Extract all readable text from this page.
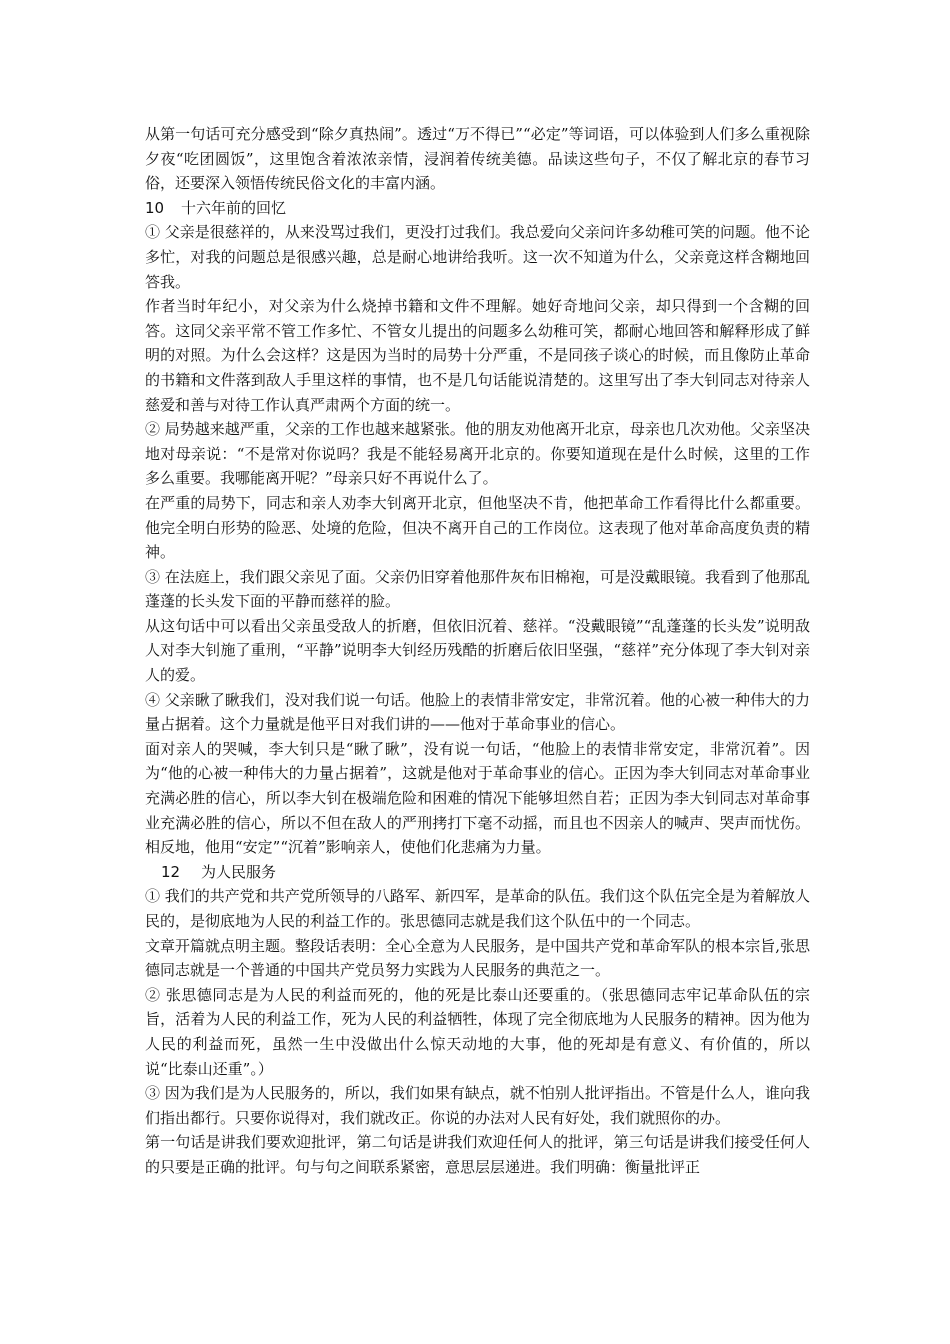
从第一句话可充分感受到“除夕真热闹”。透过“万不得已”“必定”等词语，可以体验到人们多么重视除夕夜“吃团圆饭”，这里饱含着浓浓亲情，浸润着传统美德。品读这些句子，不仅了解北京的春节习俗，还要深入领悟传统民俗文化的丰富内涵。

10 十六年前的回忆

① 父亲是很慈祥的，从来没骂过我们，更没打过我们。我总爱向父亲问许多幼稚可笑的问题。他不论多忙，对我的问题总是很感兴趣，总是耐心地讲给我听。这一次不知道为什么，父亲竟这样含糊地回答我。

作者当时年纪小，对父亲为什么烧掉书籍和文件不理解。她好奇地问父亲，却只得到一个含糊的回答。这同父亲平常不管工作多忙、不管女儿提出的问题多么幼稚可笑，都耐心地回答和解释形成了鲜明的对照。为什么会这样？这是因为当时的局势十分严重，不是同孩子谈心的时候，而且像防止革命的书籍和文件落到敌人手里这样的事情，也不是几句话能说清楚的。这里写出了李大钊同志对待亲人慈爱和善与对待工作认真严肃两个方面的统一。

② 局势越来越严重，父亲的工作也越来越紧张。他的朋友劝他离开北京，母亲也几次劝他。父亲坚决地对母亲说：“不是常对你说吗？我是不能轻易离开北京的。你要知道现在是什么时候，这里的工作多么重要。我哪能离开呢？”母亲只好不再说什么了。

在严重的局势下，同志和亲人劝李大钊离开北京，但他坚决不肯，他把革命工作看得比什么都重要。他完全明白形势的险恶、处境的危险，但决不离开自己的工作岗位。这表现了他对革命高度负责的精神。

③ 在法庭上，我们跟父亲见了面。父亲仍旧穿着他那件灰布旧棉袍，可是没戴眼镜。我看到了他那乱蓬蓬的长头发下面的平静而慈祥的脸。

从这句话中可以看出父亲虽受敌人的折磨，但依旧沉着、慈祥。“没戴眼镜”“乱蓬蓬的长头发”说明敌人对李大钊施了重刑，“平静”说明李大钊经历残酷的折磨后依旧坚强，“慈祥”充分体现了李大钊对亲人的爱。

④ 父亲瞅了瞅我们，没对我们说一句话。他脸上的表情非常安定，非常沉着。他的心被一种伟大的力量占据着。这个力量就是他平日对我们讲的——他对于革命事业的信心。

面对亲人的哭喊，李大钊只是“瞅了瞅”，没有说一句话，“他脸上的表情非常安定，非常沉着”。因为“他的心被一种伟大的力量占据着”，这就是他对于革命事业的信心。正因为李大钊同志对革命事业充满必胜的信心，所以李大钊在极端危险和困难的情况下能够坦然自若；正因为李大钊同志对革命事业充满必胜的信心，所以不但在敌人的严刑拷打下毫不动摇，而且也不因亲人的喊声、哭声而忧伤。相反地，他用“安定”“沉着”影响亲人，使他们化悲痛为力量。

12 为人民服务

① 我们的共产党和共产党所领导的八路军、新四军，是革命的队伍。我们这个队伍完全是为着解放人民的，是彻底地为人民的利益工作的。张思德同志就是我们这个队伍中的一个同志。

文章开篇就点明主题。整段话表明：全心全意为人民服务，是中国共产党和革命军队的根本宗旨,张思德同志就是一个普通的中国共产党员努力实践为人民服务的典范之一。

② 张思德同志是为人民的利益而死的，他的死是比泰山还要重的。（张思德同志牢记革命队伍的宗旨，活着为人民的利益工作，死为人民的利益牺牲，体现了完全彻底地为人民服务的精神。因为他为人民的利益而死，虽然一生中没做出什么惊天动地的大事，他的死却是有意义、有价值的，所以说“比泰山还重”。）

③ 因为我们是为人民服务的，所以，我们如果有缺点，就不怕别人批评指出。不管是什么人，谁向我们指出都行。只要你说得对，我们就改正。你说的办法对人民有好处，我们就照你的办。

第一句话是讲我们要欢迎批评，第二句话是讲我们欢迎任何人的批评，第三句话是讲我们接受任何人的只要是正确的批评。句与句之间联系紧密，意思层层递进。我们明确：衡量批评正
